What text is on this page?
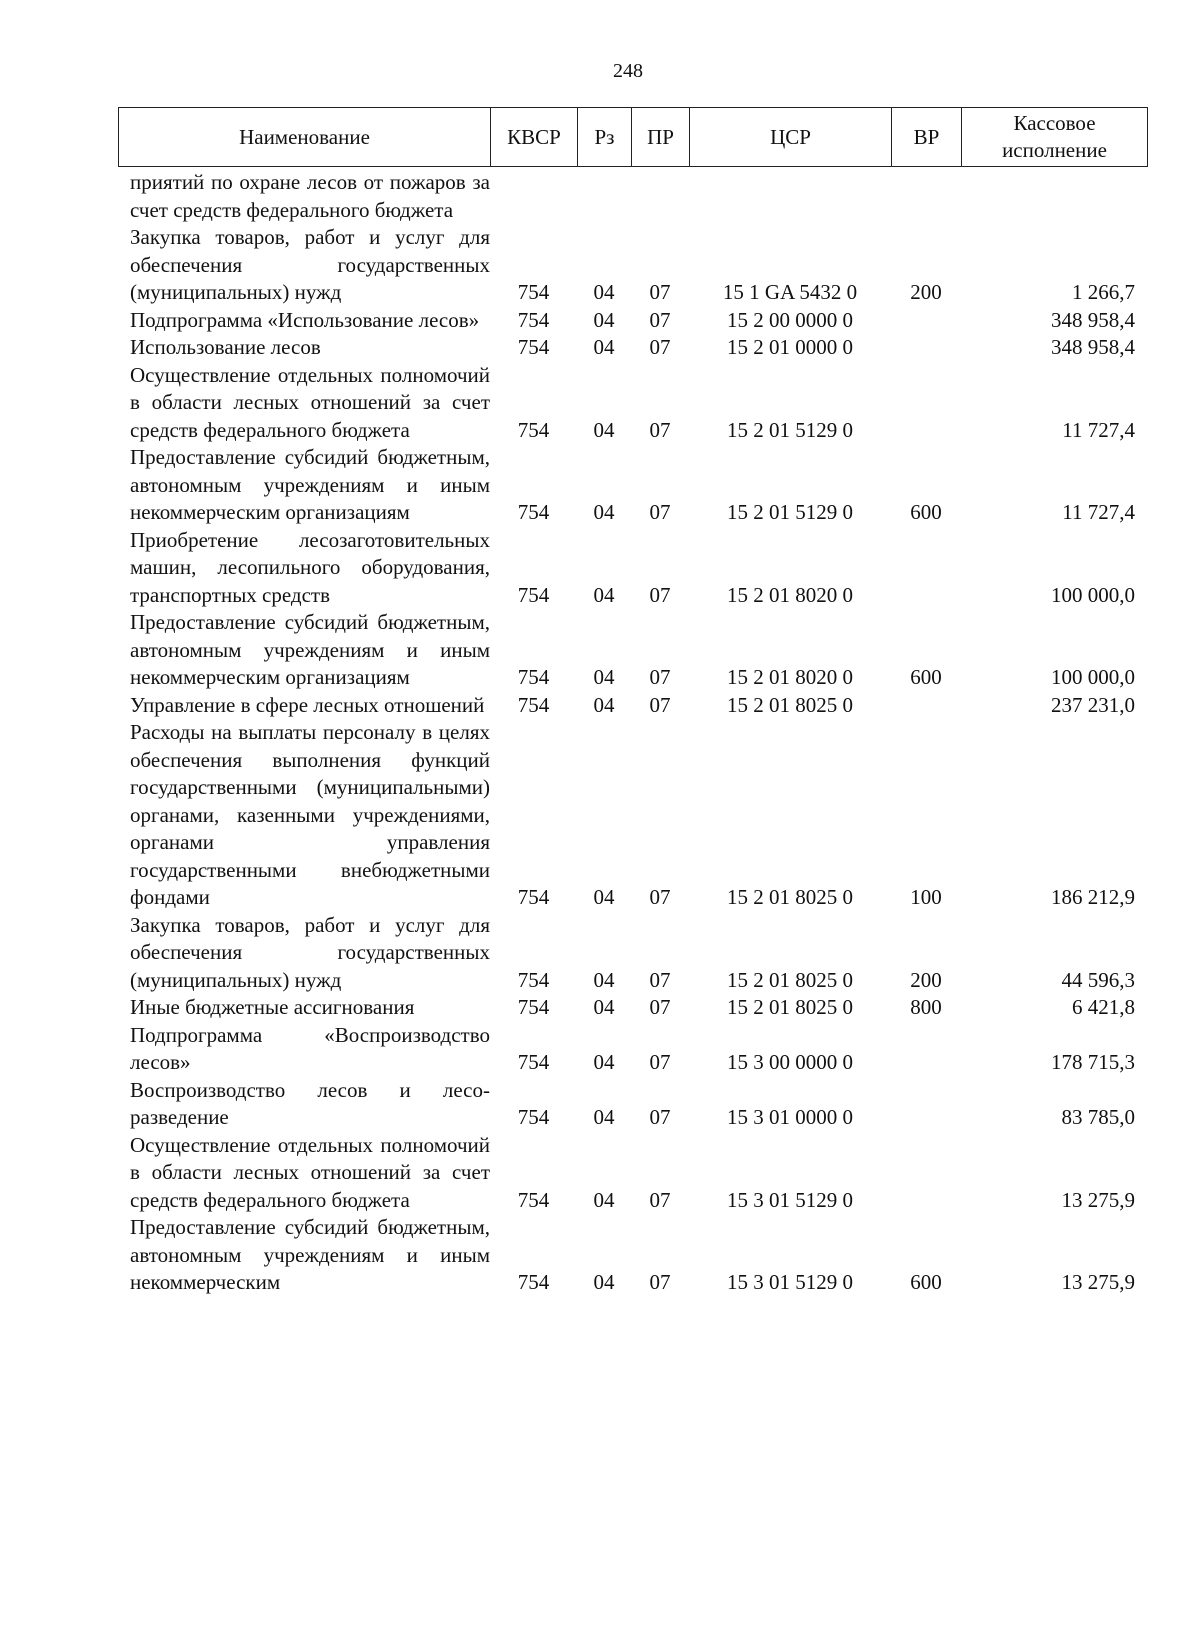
248
Наименование	КВСР	Рз	ПР	ЦСР	ВР	Кассовое исполнение
приятий по охране лесов от пожаров за счет средств федерального бюджета						
Закупка товаров, работ и услуг для обеспечения государственных (муниципальных) нужд	754	04	07	15 1 GA 5432 0	200	1 266,7
Подпрограмма «Использование лесов»	754	04	07	15 2 00 0000 0		348 958,4
Использование лесов	754	04	07	15 2 01 0000 0		348 958,4
Осуществление отдельных полномочий в области лесных отношений за счет средств федерального бюджета	754	04	07	15 2 01 5129 0		11 727,4
Предоставление субсидий бюджетным, автономным учреждениям и иным некоммерческим организациям	754	04	07	15 2 01 5129 0	600	11 727,4
Приобретение лесозаготовительных машин, лесопильного оборудования, транспортных средств	754	04	07	15 2 01 8020 0		100 000,0
Предоставление субсидий бюджетным, автономным учреждениям и иным некоммерческим организациям	754	04	07	15 2 01 8020 0	600	100 000,0
Управление в сфере лесных отношений	754	04	07	15 2 01 8025 0		237 231,0
Расходы на выплаты персоналу в целях обеспечения выполнения функций государственными (муниципальными) органами, казенными учреждениями, органами управления государственными внебюджетными фондами	754	04	07	15 2 01 8025 0	100	186 212,9
Закупка товаров, работ и услуг для обеспечения государственных (муниципальных) нужд	754	04	07	15 2 01 8025 0	200	44 596,3
Иные бюджетные ассигнования	754	04	07	15 2 01 8025 0	800	6 421,8
Подпрограмма «Воспроизводство лесов»	754	04	07	15 3 00 0000 0		178 715,3
Воспроизводство лесов и лесоразведение	754	04	07	15 3 01 0000 0		83 785,0
Осуществление отдельных полномочий в области лесных отношений за счет средств федерального бюджета	754	04	07	15 3 01 5129 0		13 275,9
Предоставление субсидий бюджетным, автономным учреждениям и иным некоммерческим	754	04	07	15 3 01 5129 0	600	13 275,9
